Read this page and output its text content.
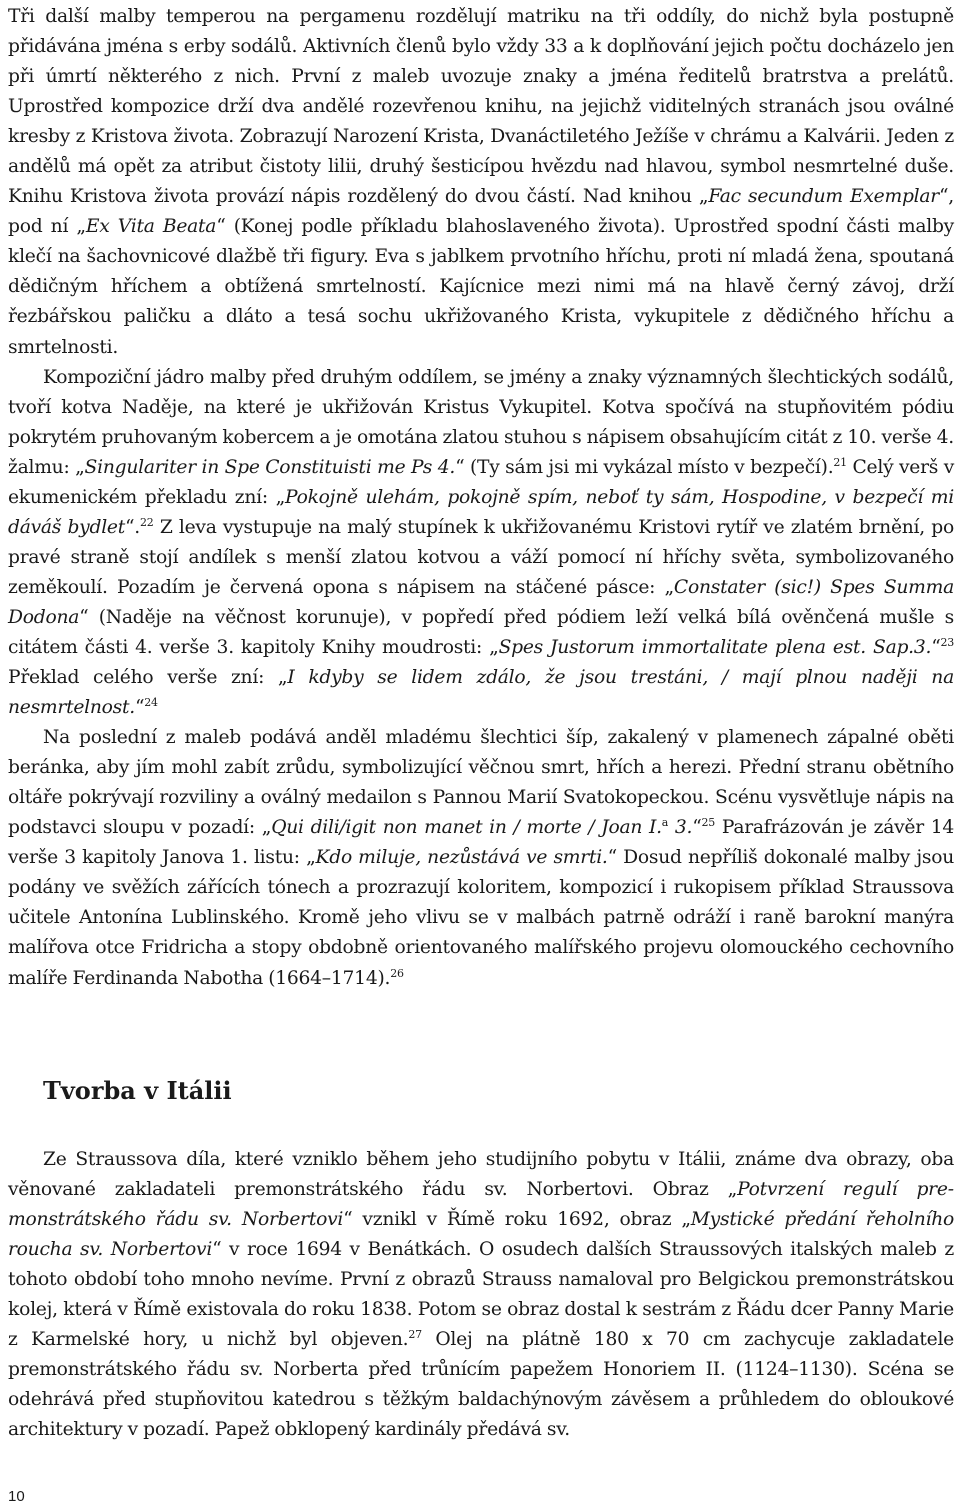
Tři další malby temperou na pergamenu rozdělují matriku na tři oddíly, do nichž byla postupně přidávána jména s erby sodálů. Aktivních členů bylo vždy 33 a k doplňování jejich počtu docházelo jen při úmrtí některého z nich. První z maleb uvozuje znaky a jména ředitelů bratrstva a prelátů. Uprostřed kompozice drží dva andělé rozevřenou knihu, na jejichž viditelných stranách jsou oválné kresby z Kristova života. Zobrazují Narození Krista, Dvanáctiletého Ježíše v chrámu a Kalvárii. Jeden z andělů má opět za atribut čistoty lilii, druhý šesticípou hvězdu nad hlavou, symbol nesmrtelné duše. Knihu Kristova života provází nápis rozdělený do dvou částí. Nad knihou „Fac secundum Exemplar“, pod ní „Ex Vita Beata“ (Konej podle příkladu blahoslaveného života). Uprostřed spodní části malby klečí na šachovnicové dlažbě tři figury. Eva s jablkem prvotního hříchu, proti ní mladá žena, spoutaná dědičným hříchem a obtížená smrtelností. Kajícnice mezi nimi má na hlavě černý závoj, drží řezbářskou paličku a dláto a tesá sochu ukřižovaného Krista, vykupitele z dědičného hříchu a smrtelnosti.

Kompoziční jádro malby před druhým oddílem, se jmény a znaky významných šlechtických sodálů, tvoří kotva Naděje, na které je ukřižován Kristus Vykupitel. Kotva spočívá na stupňovitém pódiu pokrytém pruhovaným kobercem a je omotána zlatou stuhou s nápisem obsahujícím citát z 10. verše 4. žalmu: „Singulariter in Spe Constituisti me Ps 4.“ (Ty sám jsi mi vykázal místo v bezpečí).$^{21}$ Celý verš v ekumenickém překladu zní: „Pokojně ulehám, pokojně spím, neboť ty sám, Hospodine, v bezpečí mi dáváš bydlet“.$^{22}$ Z leva vystupuje na malý stupínek k ukřižovanému Kristovi rytíř ve zlatém brnění, po pravé straně stojí andílek s menší zlatou kotvou a váží pomocí ní hříchy světa, symbolizovaného zeměkoulí. Pozadím je červená opona s nápisem na stáčené pásce: „Constater (sic!) Spes Summa Dodona“ (Naděje na věčnost korunuje), v popředí před pódiem leží velká bílá ověnčená mušle s citátem části 4. verše 3. kapitoly Knihy moudrosti: „Spes Justorum immortalitate plena est. Sap.3.“$^{23}$ Překlad celého verše zní: „I kdyby se lidem zdálo, že jsou trestáni, / mají plnou naději na nesmrtelnost.“$^{24}$

Na poslední z maleb podává anděl mladému šlechtici šíp, zakalený v plamenech zápalné oběti beránka, aby jím mohl zabít zrůdu, symbolizující věčnou smrt, hřích a herezi. Přední stranu obětního oltáře pokrývají rozviliny a oválný medailon s Pannou Marií Svatokopeckou. Scénu vysvětluje nápis na podstavci sloupu v pozadí: „Qui dili/igit non manet in / morte / Joan I.$^a$ 3.“$^{25}$ Parafrázován je závěr 14 verše 3 kapitoly Janova 1. listu: „Kdo miluje, nezůstává ve smrti.“ Dosud nepříliš dokonalé malby jsou podány ve svěžích zářících tónech a prozrazují koloritem, kompozicí i rukopisem příklad Straussova učitele Antonína Lublinského. Kromě jeho vlivu se v malbách patrně odráží i raně barokní manýra malířova otce Fridricha a stopy obdobně orientovaného malířského projevu olomouckého cechovního malíře Ferdinanda Nabotha (1664–1714).$^{26}$

Tvorba v Itálii

Ze Straussova díla, které vzniklo během jeho studijního pobytu v Itálii, známe dva obrazy, oba věnované zakladateli premonstrátského řádu sv. Norbertovi. Obraz „Potvrzení regulí premonstrátského řádu sv. Norbertovi“ vznikl v Římě roku 1692, obraz „Mystické předání řeholního roucha sv. Norbertovi“ v roce 1694 v Benátkách. O osudech dalších Straussových italských maleb z tohoto období toho mnoho nevíme. První z obrazů Strauss namaloval pro Belgickou premonstrátskou kolej, která v Římě existovala do roku 1838. Potom se obraz dostal k sestrám z Řádu dcer Panny Marie z Karmelské hory, u nichž byl objeven.$^{27}$ Olej na plátně 180 x 70 cm zachycuje zakladatele premonstrátského řádu sv. Norberta před trůnícím papežem Honoriem II. (1124–1130). Scéna se odehrává před stupňovitou katedrou s těžkým baldachýnovým závěsem a průhledem do obloukové architektury v pozadí. Papež obklopený kardinály předává sv.

10
